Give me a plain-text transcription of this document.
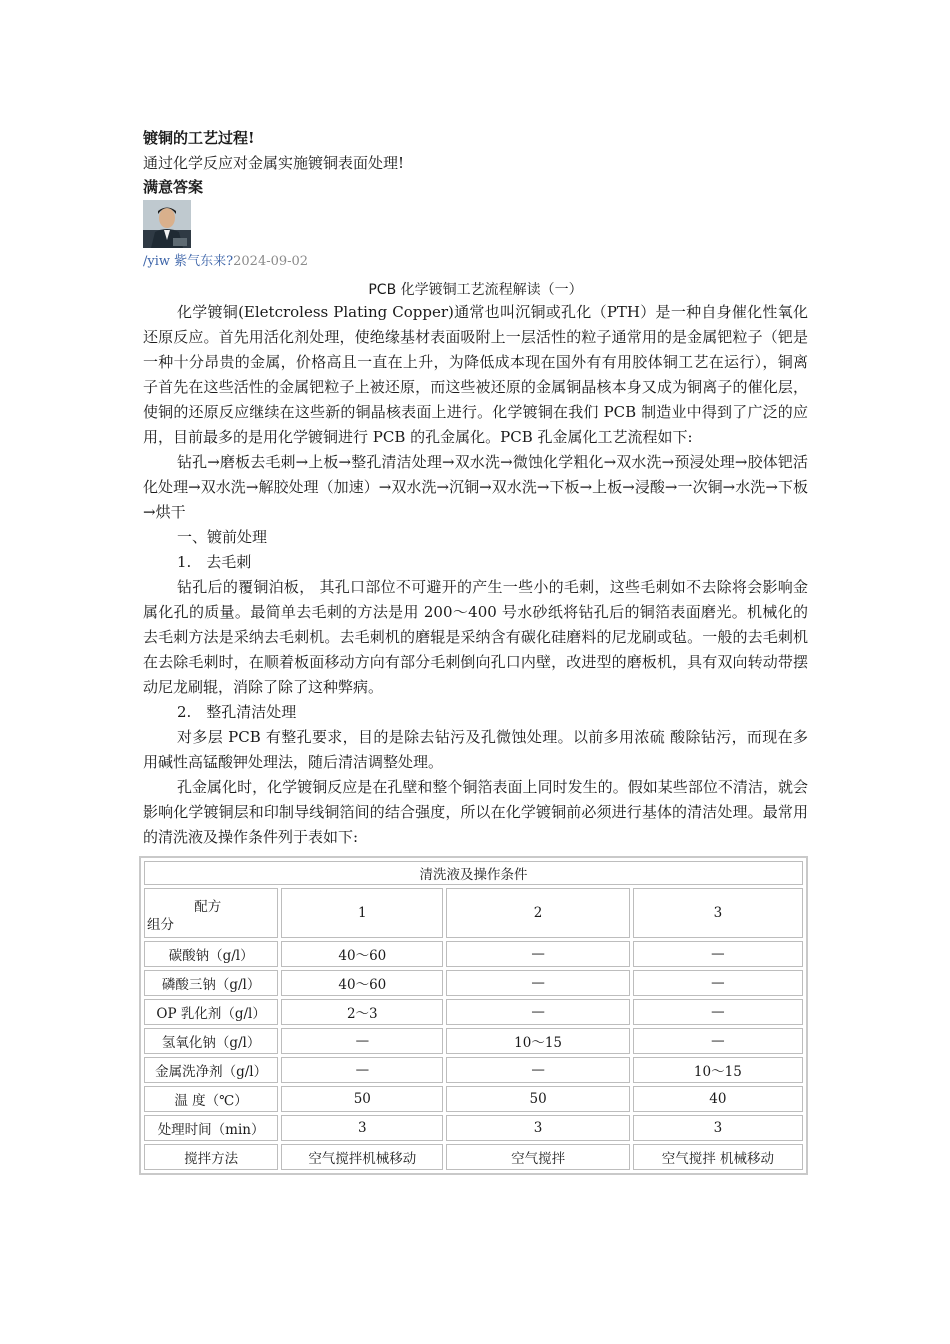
镀铜的工艺过程!

通过化学反应对金属实施镀铜表面处理!

满意答案
/yiw 紫气东来?2024-09-02
PCB 化学镀铜工艺流程解读（一）

化学镀铜(Eletcroless Plating Copper)通常也叫沉铜或孔化（PTH）是一种自身催化性氧化还原反应。首先用活化剂处理，使绝缘基材表面吸附上一层活性的粒子通常用的是金属钯粒子（钯是一种十分昂贵的金属，价格高且一直在上升，为降低成本现在国外有有用胶体铜工艺在运行），铜离子首先在这些活性的金属钯粒子上被还原，而这些被还原的金属铜晶核本身又成为铜离子的催化层，使铜的还原反应继续在这些新的铜晶核表面上进行。化学镀铜在我们 PCB 制造业中得到了广泛的应用，目前最多的是用化学镀铜进行 PCB 的孔金属化。PCB 孔金属化工艺流程如下:

钻孔→磨板去毛刺→上板→整孔清洁处理→双水洗→微蚀化学粗化→双水洗→预浸处理→胶体钯活化处理→双水洗→解胶处理（加速）→双水洗→沉铜→双水洗→下板→上板→浸酸→一次铜→水洗→下板→烘干

一、镀前处理

1.　去毛刺

钻孔后的覆铜泊板， 其孔口部位不可避开的产生一些小的毛刺，这些毛刺如不去除将会影响金属化孔的质量。最简单去毛刺的方法是用 200～400 号水砂纸将钻孔后的铜箔表面磨光。机械化的去毛刺方法是采纳去毛刺机。去毛刺机的磨辊是采纳含有碳化硅磨料的尼龙刷或毡。一般的去毛刺机在去除毛刺时，在顺着板面移动方向有部分毛刺倒向孔口内壁，改进型的磨板机，具有双向转动带摆动尼龙刷辊，消除了除了这种弊病。

2.　整孔清洁处理

对多层 PCB 有整孔要求，目的是除去钻污及孔微蚀处理。以前多用浓硫 酸除钻污，而现在多用碱性高锰酸钾处理法，随后清洁调整处理。

孔金属化时，化学镀铜反应是在孔壁和整个铜箔表面上同时发生的。假如某些部位不清洁，就会影响化学镀铜层和印制导线铜箔间的结合强度，所以在化学镀铜前必须进行基体的清洁处理。最常用的清洗液及操作条件列于表如下:

清洗液及操作条件			

配方
组分	1	2	3
碳酸钠（g/l）	40～60	—	—
磷酸三钠（g/l）	40～60	—	—
OP 乳化剂（g/l）	2～3	—	—
氢氧化钠（g/l）	—	10～15	—
金属洗净剂（g/l）	—	—	10～15
温 度（℃）	50	50	40
处理时间（min）	3	3	3
搅拌方法	空气搅拌机械移动	空气搅拌	空气搅拌 机械移动
